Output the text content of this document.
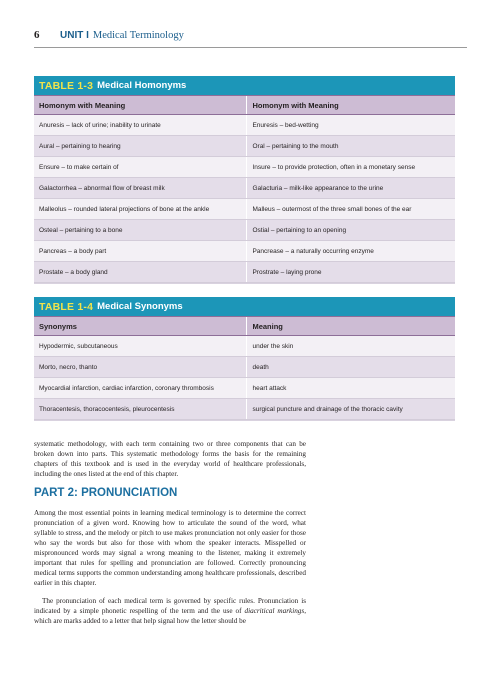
6	UNIT I Medical Terminology
TABLE 1-3 Medical Homonyms
Homonym with Meaning	Homonym with Meaning
Anuresis – lack of urine; inability to urinate	Enuresis – bed-wetting
Aural – pertaining to hearing	Oral – pertaining to the mouth
Ensure – to make certain of	Insure – to provide protection, often in a monetary sense
Galactorrhea – abnormal flow of breast milk	Galacturia – milk-like appearance to the urine
Malleolus – rounded lateral projections of bone at the ankle	Malleus – outermost of the three small bones of the ear
Osteal – pertaining to a bone	Ostial – pertaining to an opening
Pancreas – a body part	Pancrease – a naturally occurring enzyme
Prostate – a body gland	Prostrate – laying prone
TABLE 1-4 Medical Synonyms
Synonyms	Meaning
Hypodermic, subcutaneous	under the skin
Morto, necro, thanto	death
Myocardial infarction, cardiac infarction, coronary thrombosis	heart attack
Thoracentesis, thoracocentesis, pleurocentesis	surgical puncture and drainage of the thoracic cavity
systematic methodology, with each term containing two or three components that can be broken down into parts. This systematic methodology forms the basis for the remaining chapters of this textbook and is used in the everyday world of healthcare professionals, including the ones listed at the end of this chapter.
PART 2: PRONUNCIATION
Among the most essential points in learning medical terminology is to determine the correct pronunciation of a given word. Knowing how to articulate the sound of the word, what syllable to stress, and the melody or pitch to use makes pronunciation not only easier for those who say the words but also for those with whom the speaker interacts. Misspelled or mispronounced words may signal a wrong meaning to the listener, making it extremely important that rules for spelling and pronunciation are followed. Correctly pronouncing medical terms supports the common understanding among healthcare professionals, described earlier in this chapter.
The pronunciation of each medical term is governed by specific rules. Pronunciation is indicated by a simple phonetic respelling of the term and the use of diacritical markings, which are marks added to a letter that help signal how the letter should be
